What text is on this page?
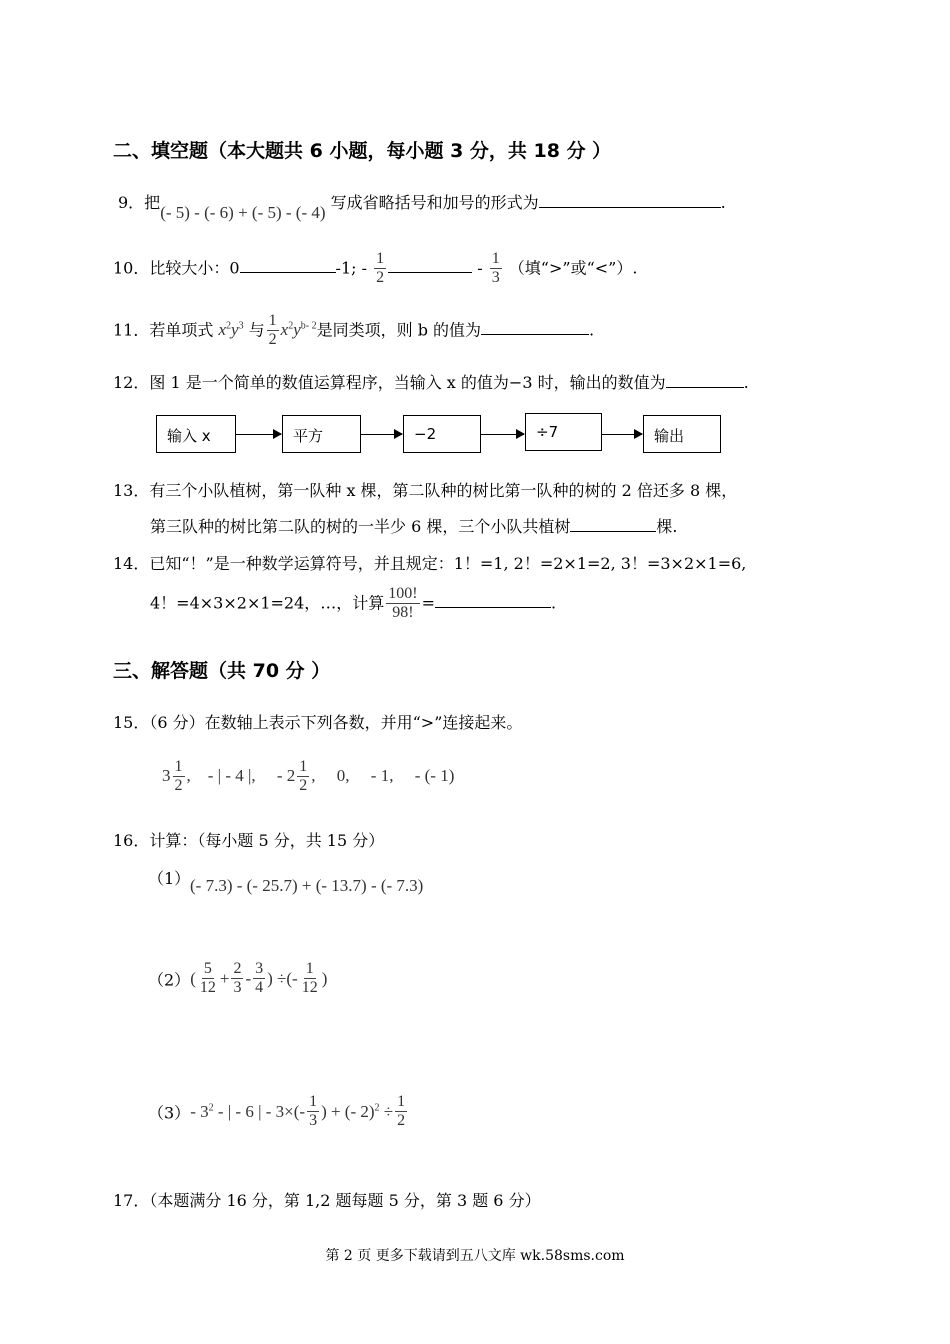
二、填空题（本大题共 6 小题，每小题 3 分，共 18 分 ）
9．把(- 5) - (- 6) + (- 5) - (- 4) 写成省略括号和加号的形式为	.
10．比较大小：0	-1; - $\frac{1}{2}$	- $\frac{1}{3}$ （填“>”或“<”）.
11．若单项式 $x^2y^3$ 与 $\frac{1}{2} x^2y^{b- 2}$是同类项，则 b 的值为	.
12．图 1 是一个简单的数值运算程序，当输入 x 的值为−3 时，输出的数值为	.
输入 x	平方	−2	÷7	输出
13．有三个小队植树，第一队种 x 棵，第二队种的树比第一队种的树的 2 倍还多 8 棵，
第三队种的树比第二队的树的一半少 6 棵，三个小队共植树	棵.
14．已知“！”是一种数学运算符号，并且规定：1！=1, 2！=2×1=2, 3！=3×2×1=6,
4！=4×3×2×1=24，…，计算 $\frac{100!}{98!}$ =	.
三、解答题（共 70 分 ）
15．（6 分）在数轴上表示下列各数，并用“>”连接起来。
$3 \frac{1}{2}$ ,    - | - 4 |,     - $2 \frac{1}{2}$ ,     0,     - 1,     - (- 1)
16．计算：（每小题 5 分，共 15 分）
（1） (- 7.3) - (- 25.7) + (- 13.7) - (- 7.3)
$(2)( \frac{5}{12} + \frac{2}{3} - \frac{3}{4}$ ) ÷(- $\frac{1}{12}$ )
（3）- $3^2$ - | - 6 | - $3\times(- \frac{1}{3}$ ) + (- $2)^2 \div \frac{1}{2}$
17．（本题满分 16 分，第 1,2 题每题 5 分，第 3 题 6 分）
第 2 页 更多下载请到五八文库 wk.58sms.com
